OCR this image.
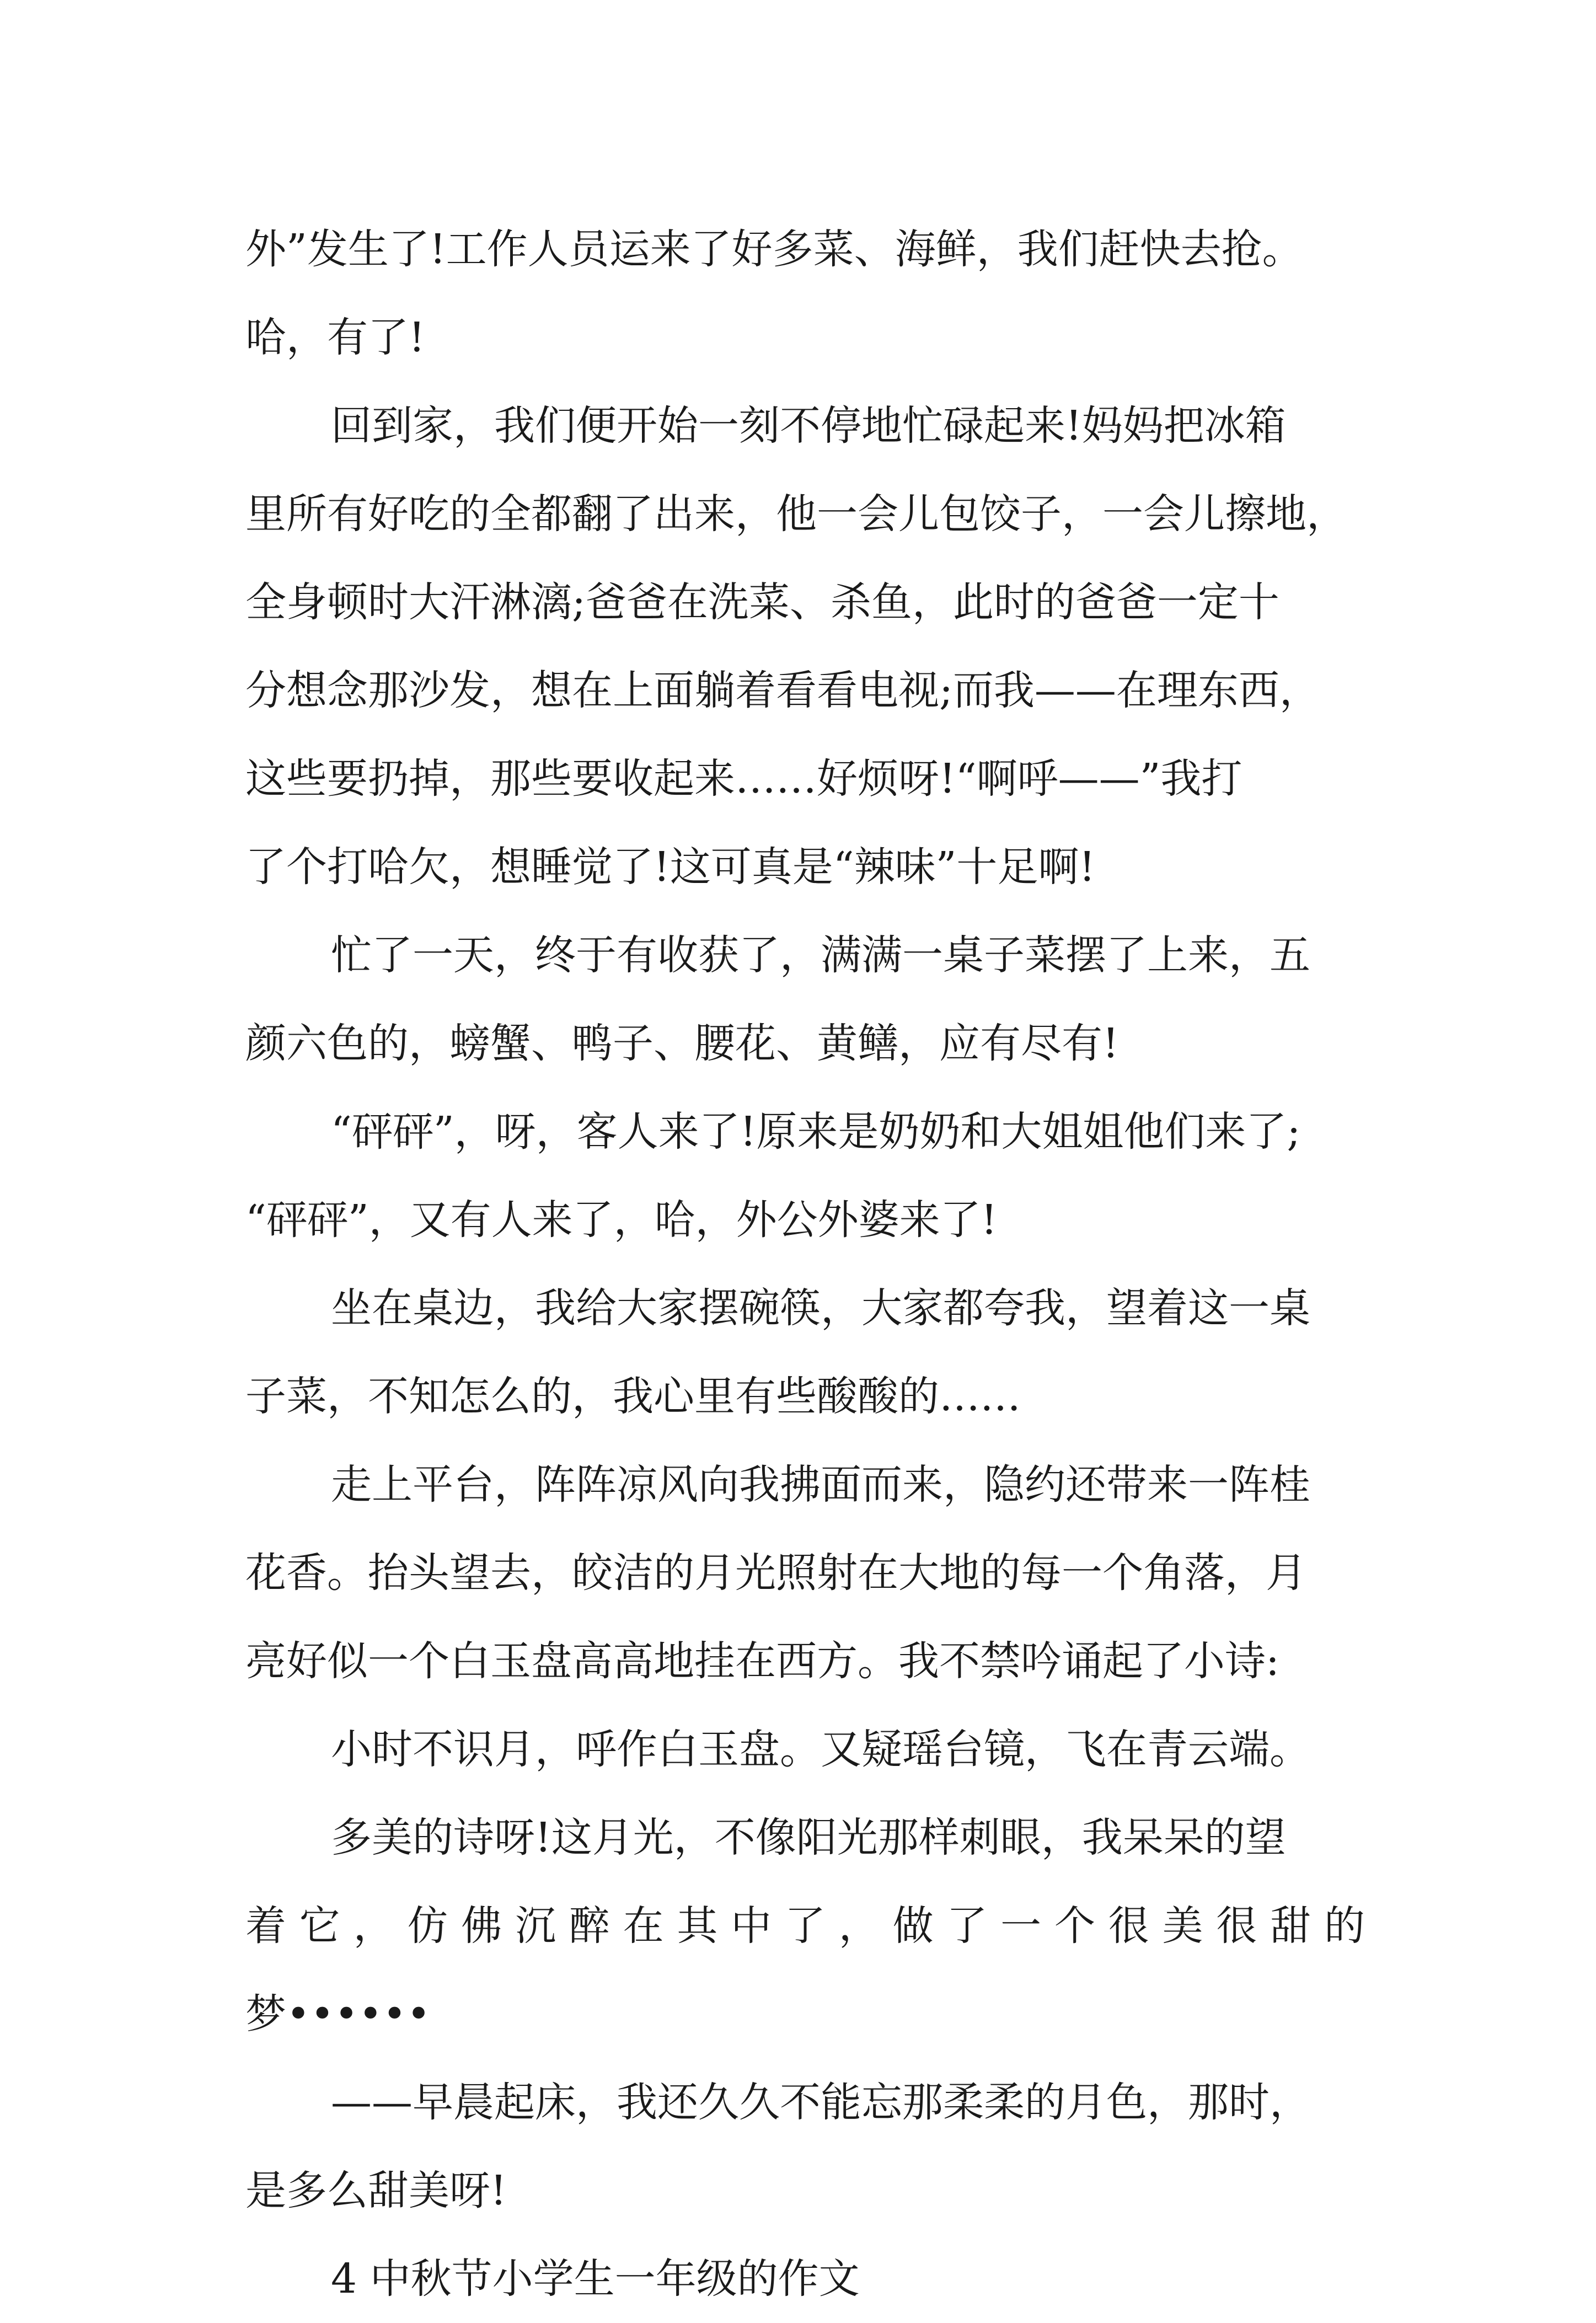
外”发生了!工作人员运来了好多菜、海鲜，我们赶快去抢。
哈，有了!
回到家，我们便开始一刻不停地忙碌起来!妈妈把冰箱
里所有好吃的全都翻了出来，他一会儿包饺子，一会儿擦地，
全身顿时大汗淋漓;爸爸在洗菜、杀鱼，此时的爸爸一定十
分想念那沙发，想在上面躺着看看电视;而我——在理东西，
这些要扔掉，那些要收起来……好烦呀!“啊呼——”我打
了个打哈欠，想睡觉了!这可真是“辣味”十足啊!
忙了一天，终于有收获了，满满一桌子菜摆了上来，五
颜六色的，螃蟹、鸭子、腰花、黄鳝，应有尽有!
“砰砰”，呀，客人来了!原来是奶奶和大姐姐他们来了;
“砰砰”，又有人来了，哈，外公外婆来了!
坐在桌边，我给大家摆碗筷，大家都夸我，望着这一桌
子菜，不知怎么的，我心里有些酸酸的……
走上平台，阵阵凉风向我拂面而来，隐约还带来一阵桂
花香。抬头望去，皎洁的月光照射在大地的每一个角落，月
亮好似一个白玉盘高高地挂在西方。我不禁吟诵起了小诗:
小时不识月，呼作白玉盘。又疑瑶台镜，飞在青云端。
多美的诗呀!这月光，不像阳光那样刺眼，我呆呆的望
着 它 ， 仿 佛 沉 醉 在 其 中 了 ， 做 了 一 个 很 美 很 甜 的
梦••••••
——早晨起床，我还久久不能忘那柔柔的月色，那时，
是多么甜美呀!
4 中秋节小学生一年级的作文
